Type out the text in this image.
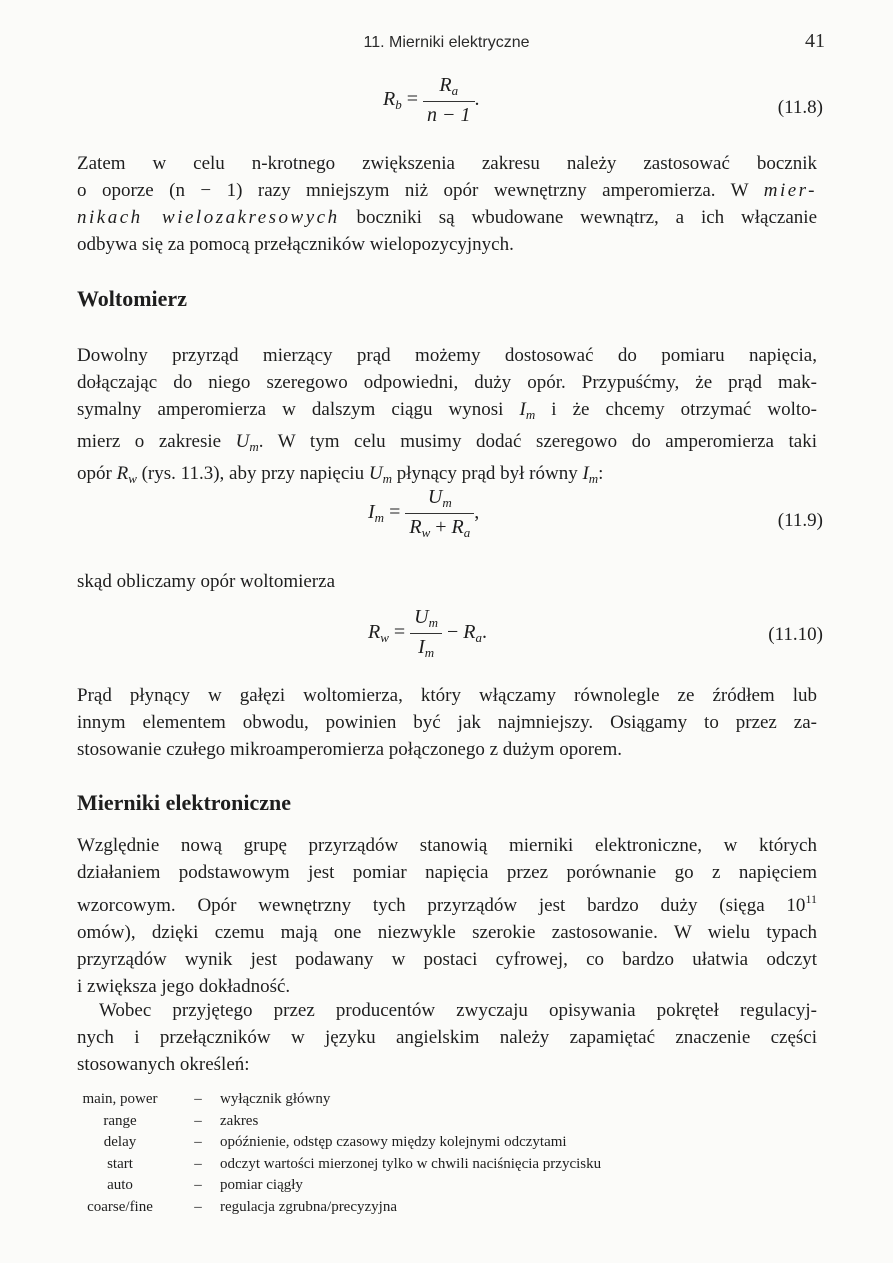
11. Mierniki elektryczne	41
$R_b = \frac{R_a}{n - 1}$ .	(11.8)

Zatem w celu n-krotnego zwiększenia zakresu należy zastosować bocznik
o oporze (n − 1) razy mniejszym niż opór wewnętrzny amperomierza. W mier-
nikach wielozakresowych boczniki są wbudowane wewnątrz, a ich włączanie
odbywa się za pomocą przełączników wielopozycyjnych.

Woltomierz

Dowolny przyrząd mierzący prąd możemy dostosować do pomiaru napięcia,
dołączając do niego szeregowo odpowiedni, duży opór. Przypuśćmy, że prąd mak-
symalny amperomierza w dalszym ciągu wynosi $I_m$ i że chcemy otrzymać wolto-
mierz o zakresie $U_m$. W tym celu musimy dodać szeregowo do amperomierza taki
opór $R_w$ (rys. 11.3), aby przy napięciu $U_m$ płynący prąd był równy $I_m$:

$I_m = \frac{U_m}{R_w + R_a}$ ,	(11.9)

skąd obliczamy opór woltomierza

$R_w = \frac{U_m}{I_m} - R_a$.	(11.10)

Prąd płynący w gałęzi woltomierza, który włączamy równolegle ze źródłem lub
innym elementem obwodu, powinien być jak najmniejszy. Osiągamy to przez za-
stosowanie czułego mikroamperomierza połączonego z dużym oporem.

Mierniki elektroniczne

Względnie nową grupę przyrządów stanowią mierniki elektroniczne, w których
działaniem podstawowym jest pomiar napięcia przez porównanie go z napięciem
wzorcowym. Opór wewnętrzny tych przyrządów jest bardzo duży (sięga $10^{11}$
omów), dzięki czemu mają one niezwykle szerokie zastosowanie. W wielu typach
przyrządów wynik jest podawany w postaci cyfrowej, co bardzo ułatwia odczyt
i zwiększa jego dokładność.

Wobec przyjętego przez producentów zwyczaju opisywania pokręteł regulacyj-
nych i przełączników w języku angielskim należy zapamiętać znaczenie części
stosowanych określeń:

main, power	–	wyłącznik główny
range	–	zakres
delay	–	opóźnienie, odstęp czasowy między kolejnymi odczytami
start	–	odczyt wartości mierzonej tylko w chwili naciśnięcia przycisku
auto	–	pomiar ciągły
coarse/fine	–	regulacja zgrubna/precyzyjna
